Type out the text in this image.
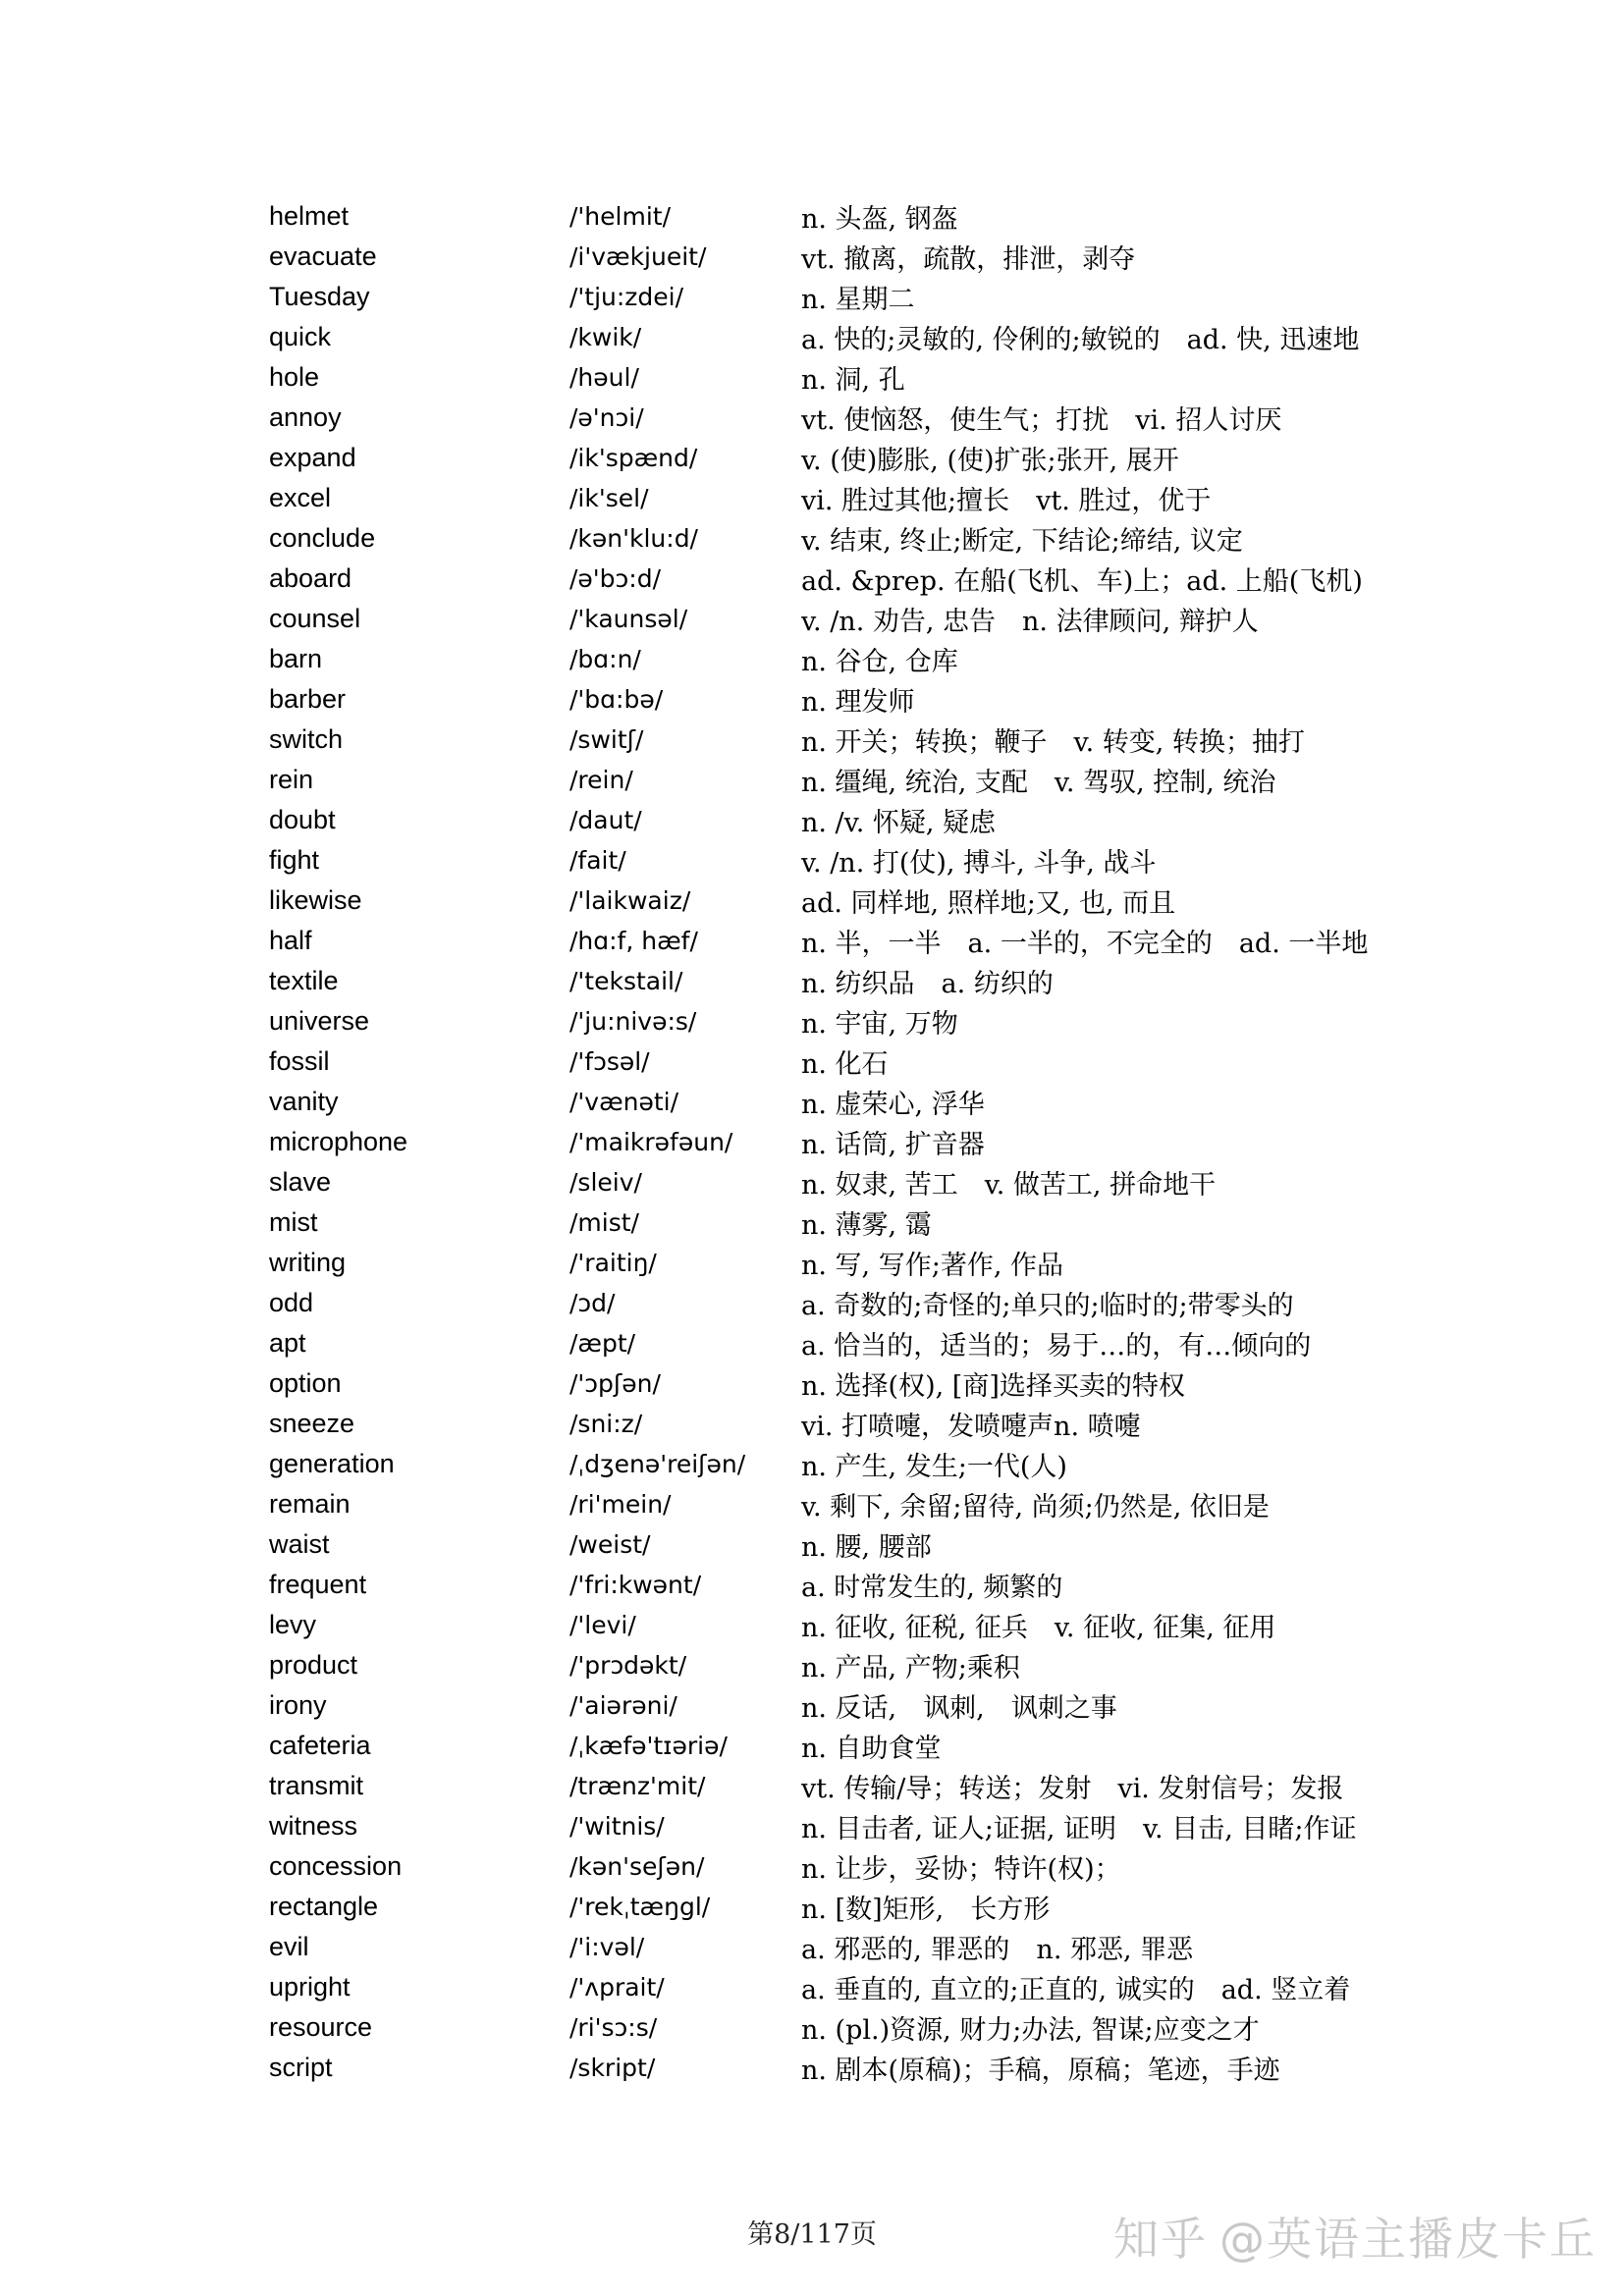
helmet	/'helmit/	n. 头盔, 钢盔
evacuate	/i'vækjueit/	vt. 撤离，疏散，排泄，剥夺
Tuesday	/'tju:zdei/	n. 星期二
quick	/kwik/	a. 快的;灵敏的, 伶俐的;敏锐的　ad. 快, 迅速地
hole	/həul/	n. 洞, 孔
annoy	/ə'nɔi/	vt. 使恼怒，使生气；打扰　vi. 招人讨厌
expand	/ik'spænd/	v. (使)膨胀, (使)扩张;张开, 展开
excel	/ik'sel/	vi. 胜过其他;擅长　vt. 胜过，优于
conclude	/kən'klu:d/	v. 结束, 终止;断定, 下结论;缔结, 议定
aboard	/ə'bɔ:d/	ad. &prep. 在船(飞机、车)上；ad. 上船(飞机)
counsel	/'kaunsəl/	v. /n. 劝告, 忠告　n. 法律顾问, 辩护人
barn	/bɑ:n/	n. 谷仓, 仓库
barber	/'bɑ:bə/	n. 理发师
switch	/switʃ/	n. 开关；转换；鞭子　v. 转变, 转换；抽打
rein	/rein/	n. 缰绳, 统治, 支配　v. 驾驭, 控制, 统治
doubt	/daut/	n. /v. 怀疑, 疑虑
fight	/fait/	v. /n. 打(仗), 搏斗, 斗争, 战斗
likewise	/'laikwaiz/	ad. 同样地, 照样地;又, 也, 而且
half	/hɑ:f, hæf/	n. 半，一半　a. 一半的，不完全的　ad. 一半地
textile	/'tekstail/	n. 纺织品　a. 纺织的
universe	/'ju:nivə:s/	n. 宇宙, 万物
fossil	/'fɔsəl/	n. 化石
vanity	/'vænəti/	n. 虚荣心, 浮华
microphone	/'maikrəfəun/	n. 话筒, 扩音器
slave	/sleiv/	n. 奴隶, 苦工　v. 做苦工, 拼命地干
mist	/mist/	n. 薄雾, 霭
writing	/'raitiŋ/	n. 写, 写作;著作, 作品
odd	/ɔd/	a. 奇数的;奇怪的;单只的;临时的;带零头的
apt	/æpt/	a. 恰当的，适当的；易于…的，有…倾向的
option	/'ɔpʃən/	n. 选择(权), [商]选择买卖的特权
sneeze	/sni:z/	vi. 打喷嚏，发喷嚏声n. 喷嚏
generation	/ˌdʒenə'reiʃən/	n. 产生, 发生;一代(人)
remain	/ri'mein/	v. 剩下, 余留;留待, 尚须;仍然是, 依旧是
waist	/weist/	n. 腰, 腰部
frequent	/'fri:kwənt/	a. 时常发生的, 频繁的
levy	/'levi/	n. 征收, 征税, 征兵　v. 征收, 征集, 征用
product	/'prɔdəkt/	n. 产品, 产物;乘积
irony	/'aiərəni/	n. 反话,　讽刺,　讽刺之事
cafeteria	/ˌkæfə'tɪəriə/	n. 自助食堂
transmit	/trænz'mit/	vt. 传输/导；转送；发射　vi. 发射信号；发报
witness	/'witnis/	n. 目击者, 证人;证据, 证明　v. 目击, 目睹;作证
concession	/kən'seʃən/	n. 让步，妥协；特许(权)；
rectangle	/'rekˌtæŋgl/	n. [数]矩形,　长方形
evil	/'i:vəl/	a. 邪恶的, 罪恶的　n. 邪恶, 罪恶
upright	/'ʌprait/	a. 垂直的, 直立的;正直的, 诚实的　ad. 竖立着
resource	/ri'sɔ:s/	n. (pl.)资源, 财力;办法, 智谋;应变之才
script	/skript/	n. 剧本(原稿)；手稿，原稿；笔迹，手迹
第8/117页	知乎 @英语主播皮卡丘
